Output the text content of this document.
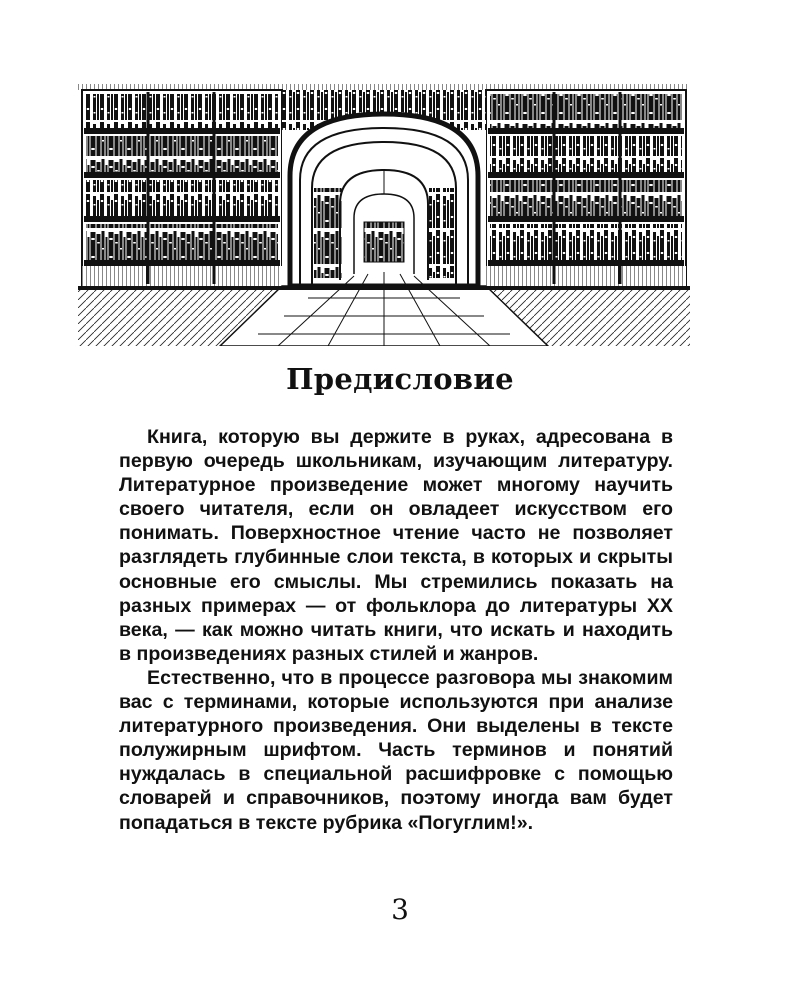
Предисловие

Книга, которую вы держите в руках, адресована в первую очередь школьникам, изучающим литературу. Литературное произведение может многому научить своего читателя, если он овладеет искусством его понимать. Поверхностное чтение часто не позволяет разглядеть глубинные слои текста, в которых и скрыты основные его смыслы. Мы стремились показать на разных примерах — от фольклора до литературы XX века, — как можно читать книги, что искать и находить в произведениях разных стилей и жанров.

Естественно, что в процессе разговора мы знакомим вас с терминами, которые используются при анализе литературного произведения. Они выделены в тексте полужирным шрифтом. Часть терминов и понятий нуждалась в специальной расшифровке с помощью словарей и справочников, поэтому иногда вам будет попадаться в тексте рубрика «Погуглим!».

3
